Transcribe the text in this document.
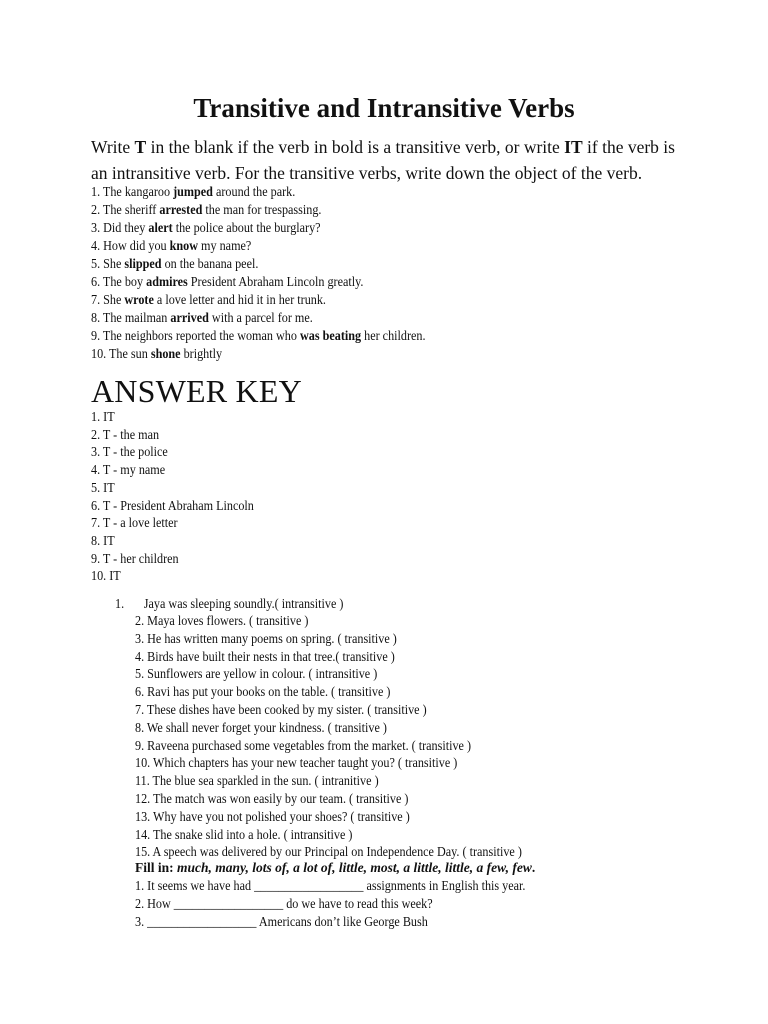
Transitive and Intransitive Verbs

Write T in the blank if the verb in bold is a transitive verb, or write IT if the verb is an intransitive verb. For the transitive verbs, write down the object of the verb.

1. The kangaroo jumped around the park.
2. The sheriff arrested the man for trespassing.
3. Did they alert the police about the burglary?
4. How did you know my name?
5. She slipped on the banana peel.
6. The boy admires President Abraham Lincoln greatly.
7. She wrote a love letter and hid it in her trunk.
8. The mailman arrived with a parcel for me.
9. The neighbors reported the woman who was beating her children.
10. The sun shone brightly
ANSWER KEY
1. IT
2. T - the man
3. T - the police
4. T - my name
5. IT
6. T - President Abraham Lincoln
7. T - a love letter
8. IT
9. T - her children
10. IT

1. Jaya was sleeping soundly.( intransitive )

2. Maya loves flowers. ( transitive )
3. He has written many poems on spring. ( transitive )
4. Birds have built their nests in that tree.( transitive )
5. Sunflowers are yellow in colour. ( intransitive )
6. Ravi has put your books on the table. ( transitive )
7. These dishes have been cooked by my sister. ( transitive )
8. We shall never forget your kindness. ( transitive )
9. Raveena purchased some vegetables from the market. ( transitive )
10. Which chapters has your new teacher taught you? ( transitive )
11. The blue sea sparkled in the sun. ( intranitive )
12. The match was won easily by our team. ( transitive )
13. Why have you not polished your shoes? ( transitive )
14. The snake slid into a hole. ( intransitive )
15. A speech was delivered by our Principal on Independence Day. ( transitive )

Fill in: much, many, lots of, a lot of, little, most, a little, little, a few, few.

1. It seems we have had __________________ assignments in English this year.
2. How __________________ do we have to read this week?
3. __________________ Americans don’t like George Bush
